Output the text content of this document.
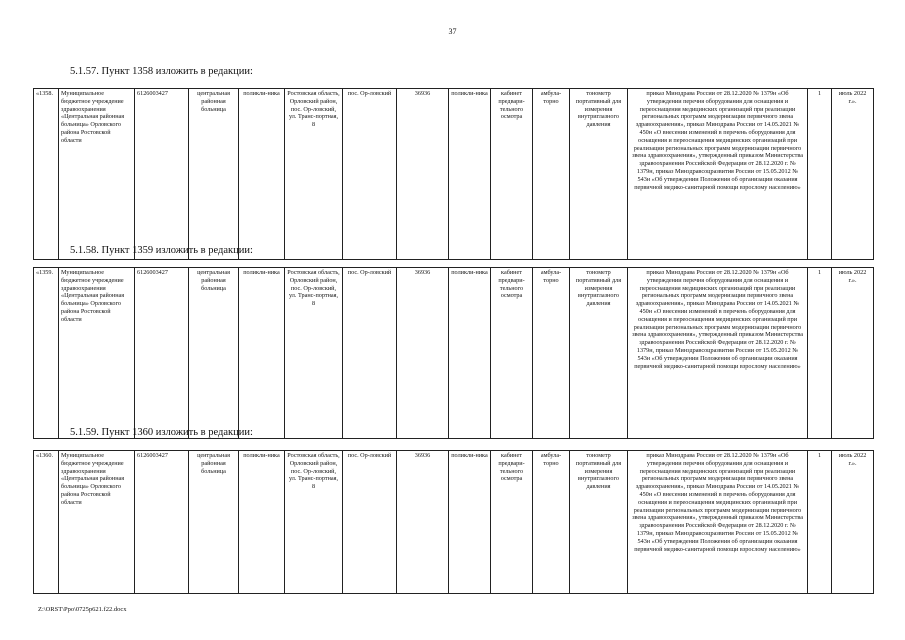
37
5.1.57. Пункт 1358 изложить в редакции:
«1358.	Муниципальное бюджетное учреждение здравоохранения «Центральная районная больница» Орловского района Ростовской области	6126003427	центральная районная больница	поликли-ника	Ростовская область, Орловский район, пос. Ор-ловский, ул. Транс-портная, 8	пос. Ор-ловский	36936	поликли-ника	кабинет предвари-тельного осмотра	амбула-торно	тонометр портативный для измерения внутриглазного давления	приказ Минздрава России от 28.12.2020 № 1379н «Об утверждении перечня оборудования для оснащения и переоснащения медицинских организаций при реализации региональных программ модернизации первичного звена здравоохранения», приказ Минздрава России от 14.05.2021 № 450н «О внесении изменений в перечень оборудования для оснащения и переоснащения медицинских организаций при реализации региональных программ модернизации первичного звена здравоохранения», утвержденный приказом Министерства здравоохранения Российской Федерации от 28.12.2020 г. № 1379н, приказ Минздравсоцразвития России от 15.05.2012 № 543н «Об утверждении Положения об организации оказания первичной медико-санитарной помощи взрослому населению»	1	июль 2022 г.».
5.1.58. Пункт 1359 изложить в редакции:
«1359.	Муниципальное бюджетное учреждение здравоохранения «Центральная районная больница» Орловского района Ростовской области	6126003427	центральная районная больница	поликли-ника	Ростовская область, Орловский район, пос. Ор-ловский, ул. Транс-портная, 8	пос. Ор-ловский	36936	поликли-ника	кабинет предвари-тельного осмотра	амбула-торно	тонометр портативный для измерения внутриглазного давления	приказ Минздрава России от 28.12.2020 № 1379н «Об утверждении перечня оборудования для оснащения и переоснащения медицинских организаций при реализации региональных программ модернизации первичного звена здравоохранения», приказ Минздрава России от 14.05.2021 № 450н «О внесении изменений в перечень оборудования для оснащения и переоснащения медицинских организаций при реализации региональных программ модернизации первичного звена здравоохранения», утвержденный приказом Министерства здравоохранения Российской Федерации от 28.12.2020 г. № 1379н, приказ Минздравсоцразвития России от 15.05.2012 № 543н «Об утверждении Положения об организации оказания первичной медико-санитарной помощи взрослому населению»	1	июль 2022 г.».
5.1.59. Пункт 1360 изложить в редакции:
«1360.	Муниципальное бюджетное учреждение здравоохранения «Центральная районная больница» Орловского района Ростовской области	6126003427	центральная районная больница	поликли-ника	Ростовская область, Орловский район, пос. Ор-ловский, ул. Транс-портная, 8	пос. Ор-ловский	36936	поликли-ника	кабинет предвари-тельного осмотра	амбула-торно	тонометр портативный для измерения внутриглазного давления	приказ Минздрава России от 28.12.2020 № 1379н «Об утверждении перечня оборудования для оснащения и переоснащения медицинских организаций при реализации региональных программ модернизации первичного звена здравоохранения», приказ Минздрава России от 14.05.2021 № 450н «О внесении изменений в перечень оборудования для оснащения и переоснащения медицинских организаций при реализации региональных программ модернизации первичного звена здравоохранения», утвержденный приказом Министерства здравоохранения Российской Федерации от 28.12.2020 г. № 1379н, приказ Минздравсоцразвития России от 15.05.2012 № 543н «Об утверждении Положения об организации оказания первичной медико-санитарной помощи взрослому населению»	1	июль 2022 г.».
Z:\ORST\Ppo\0725p621.f22.docx
